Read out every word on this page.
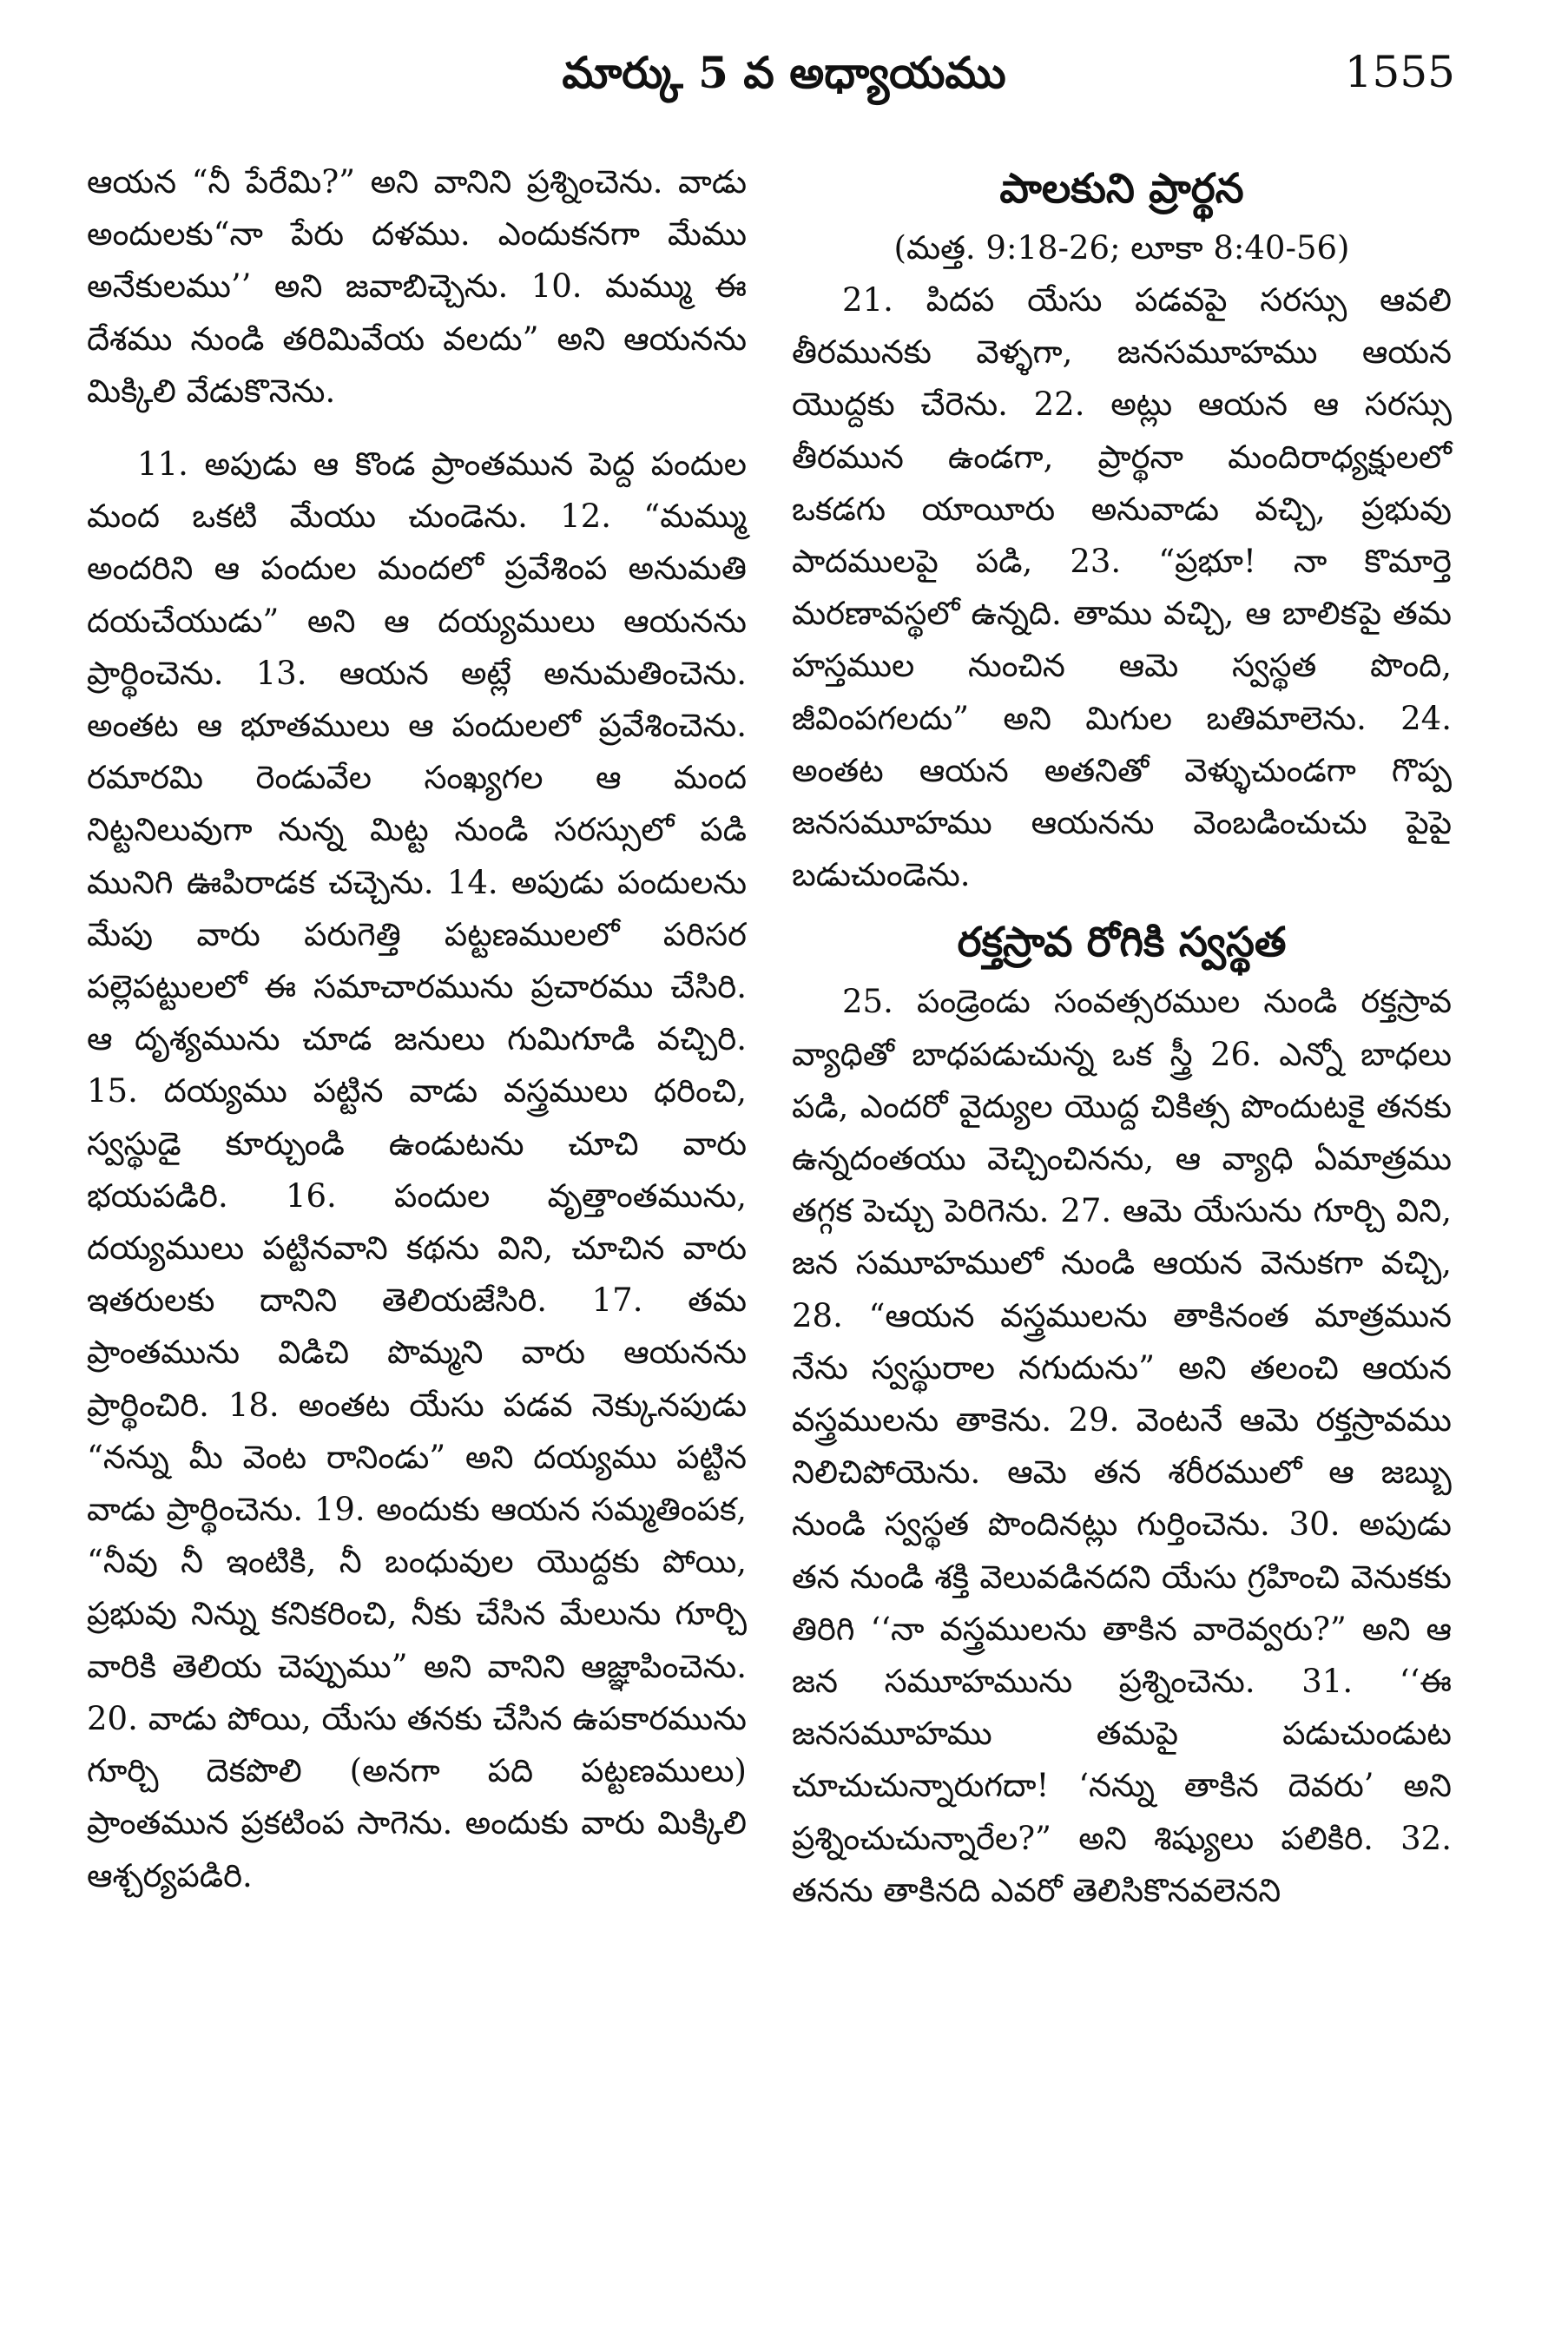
మార్కు 5 వ అధ్యాయము	1555

ఆయన “నీ పేరేమి?” అని వానిని ప్రశ్నించెను. వాడు అందులకు“నా పేరు దళము. ఎందుకనగా మేము అనేకులము’’ అని జవాబిచ్చెను. 10. మమ్ము ఈ దేశము నుండి తరిమివేయ వలదు” అని ఆయనను మిక్కిలి వేడుకొనెను.

11. అపుడు ఆ కొండ ప్రాంతమున పెద్ద పందుల మంద ఒకటి మేయు చుండెను. 12. “మమ్ము అందరిని ఆ పందుల మందలో ప్రవేశింప అనుమతి దయచేయుడు” అని ఆ దయ్యములు ఆయనను ప్రార్థించెను. 13. ఆయన అట్లే అనుమతించెను. అంతట ఆ భూతములు ఆ పందులలో ప్రవేశించెను. రమారమి రెండువేల సంఖ్యగల ఆ మంద నిట్టనిలువుగా నున్న మిట్ట నుండి సరస్సులో పడి మునిగి ఊపిరాడక చచ్చెను. 14. అపుడు పందులను మేపు వారు పరుగెత్తి పట్టణములలో పరిసర పల్లెపట్టులలో ఈ సమాచారమును ప్రచారము చేసిరి. ఆ దృశ్యమును చూడ జనులు గుమిగూడి వచ్చిరి. 15. దయ్యము పట్టిన వాడు వస్త్రములు ధరించి, స్వస్థుడై కూర్చుండి ఉండుటను చూచి వారు భయపడిరి. 16. పందుల వృత్తాంతమును, దయ్యములు పట్టినవాని కథను విని, చూచిన వారు ఇతరులకు దానిని తెలియజేసిరి. 17. తమ ప్రాంతమును విడిచి పొమ్మని వారు ఆయనను ప్రార్థించిరి. 18. అంతట యేసు పడవ నెక్కునపుడు “నన్ను మీ వెంట రానిండు” అని దయ్యము పట్టిన వాడు ప్రార్థించెను. 19. అందుకు ఆయన సమ్మతింపక, “నీవు నీ ఇంటికి, నీ బంధువుల యొద్దకు పోయి, ప్రభువు నిన్ను కనికరించి, నీకు చేసిన మేలును గూర్చి వారికి తెలియ చెప్పుము” అని వానిని ఆజ్ఞాపించెను. 20. వాడు పోయి, యేసు తనకు చేసిన ఉపకారమును గూర్చి దెకపొలి (అనగా పది పట్టణములు) ప్రాంతమున ప్రకటింప సాగెను. అందుకు వారు మిక్కిలి ఆశ్చర్యపడిరి.

పాలకుని ప్రార్థన

(మత్త. 9:18-26; లూకా 8:40-56)

21. పిదప యేసు పడవపై సరస్సు ఆవలి తీరమునకు వెళ్ళగా, జనసమూహము ఆయన యొద్దకు చేరెను. 22. అట్లు ఆయన ఆ సరస్సు తీరమున ఉండగా, ప్రార్థనా మందిరాధ్యక్షులలో ఒకడగు యాయీరు అనువాడు వచ్చి, ప్రభువు పాదములపై పడి, 23. “ప్రభూ! నా కొమార్తె మరణావస్థలో ఉన్నది. తాము వచ్చి, ఆ బాలికపై తమ హస్తముల నుంచిన ఆమె స్వస్థత పొంది, జీవింపగలదు” అని మిగుల బతిమాలెను. 24. అంతట ఆయన అతనితో వెళ్ళుచుండగా గొప్ప జనసమూహము ఆయనను వెంబడించుచు పైపై బడుచుండెను.

రక్తస్రావ రోగికి స్వస్థత

25. పండ్రెండు సంవత్సరముల నుండి రక్తస్రావ వ్యాధితో బాధపడుచున్న ఒక స్త్రీ 26. ఎన్నో బాధలు పడి, ఎందరో వైద్యుల యొద్ద చికిత్స పొందుటకై తనకు ఉన్నదంతయు వెచ్చించినను, ఆ వ్యాధి ఏమాత్రము తగ్గక పెచ్చు పెరిగెను. 27. ఆమె యేసును గూర్చి విని, జన సమూహములో నుండి ఆయన వెనుకగా వచ్చి, 28. “ఆయన వస్త్రములను తాకినంత మాత్రమున నేను స్వస్థురాల నగుదును” అని తలంచి ఆయన వస్త్రములను తాకెను. 29. వెంటనే ఆమె రక్తస్రావము నిలిచిపోయెను. ఆమె తన శరీరములో ఆ జబ్బు నుండి స్వస్థత పొందినట్లు గుర్తించెను. 30. అపుడు తన నుండి శక్తి వెలువడినదని యేసు గ్రహించి వెనుకకు తిరిగి ‘‘నా వస్త్రములను తాకిన వారెవ్వరు?” అని ఆ జన సమూహమును ప్రశ్నించెను. 31. ‘‘ఈ జనసమూహము తమపై పడుచుండుట చూచుచున్నారుగదా! ‘నన్ను తాకిన దెవరు’ అని ప్రశ్నించుచున్నారేల?” అని శిష్యులు పలికిరి. 32. తనను తాకినది ఎవరో తెలిసికొనవలెనని
